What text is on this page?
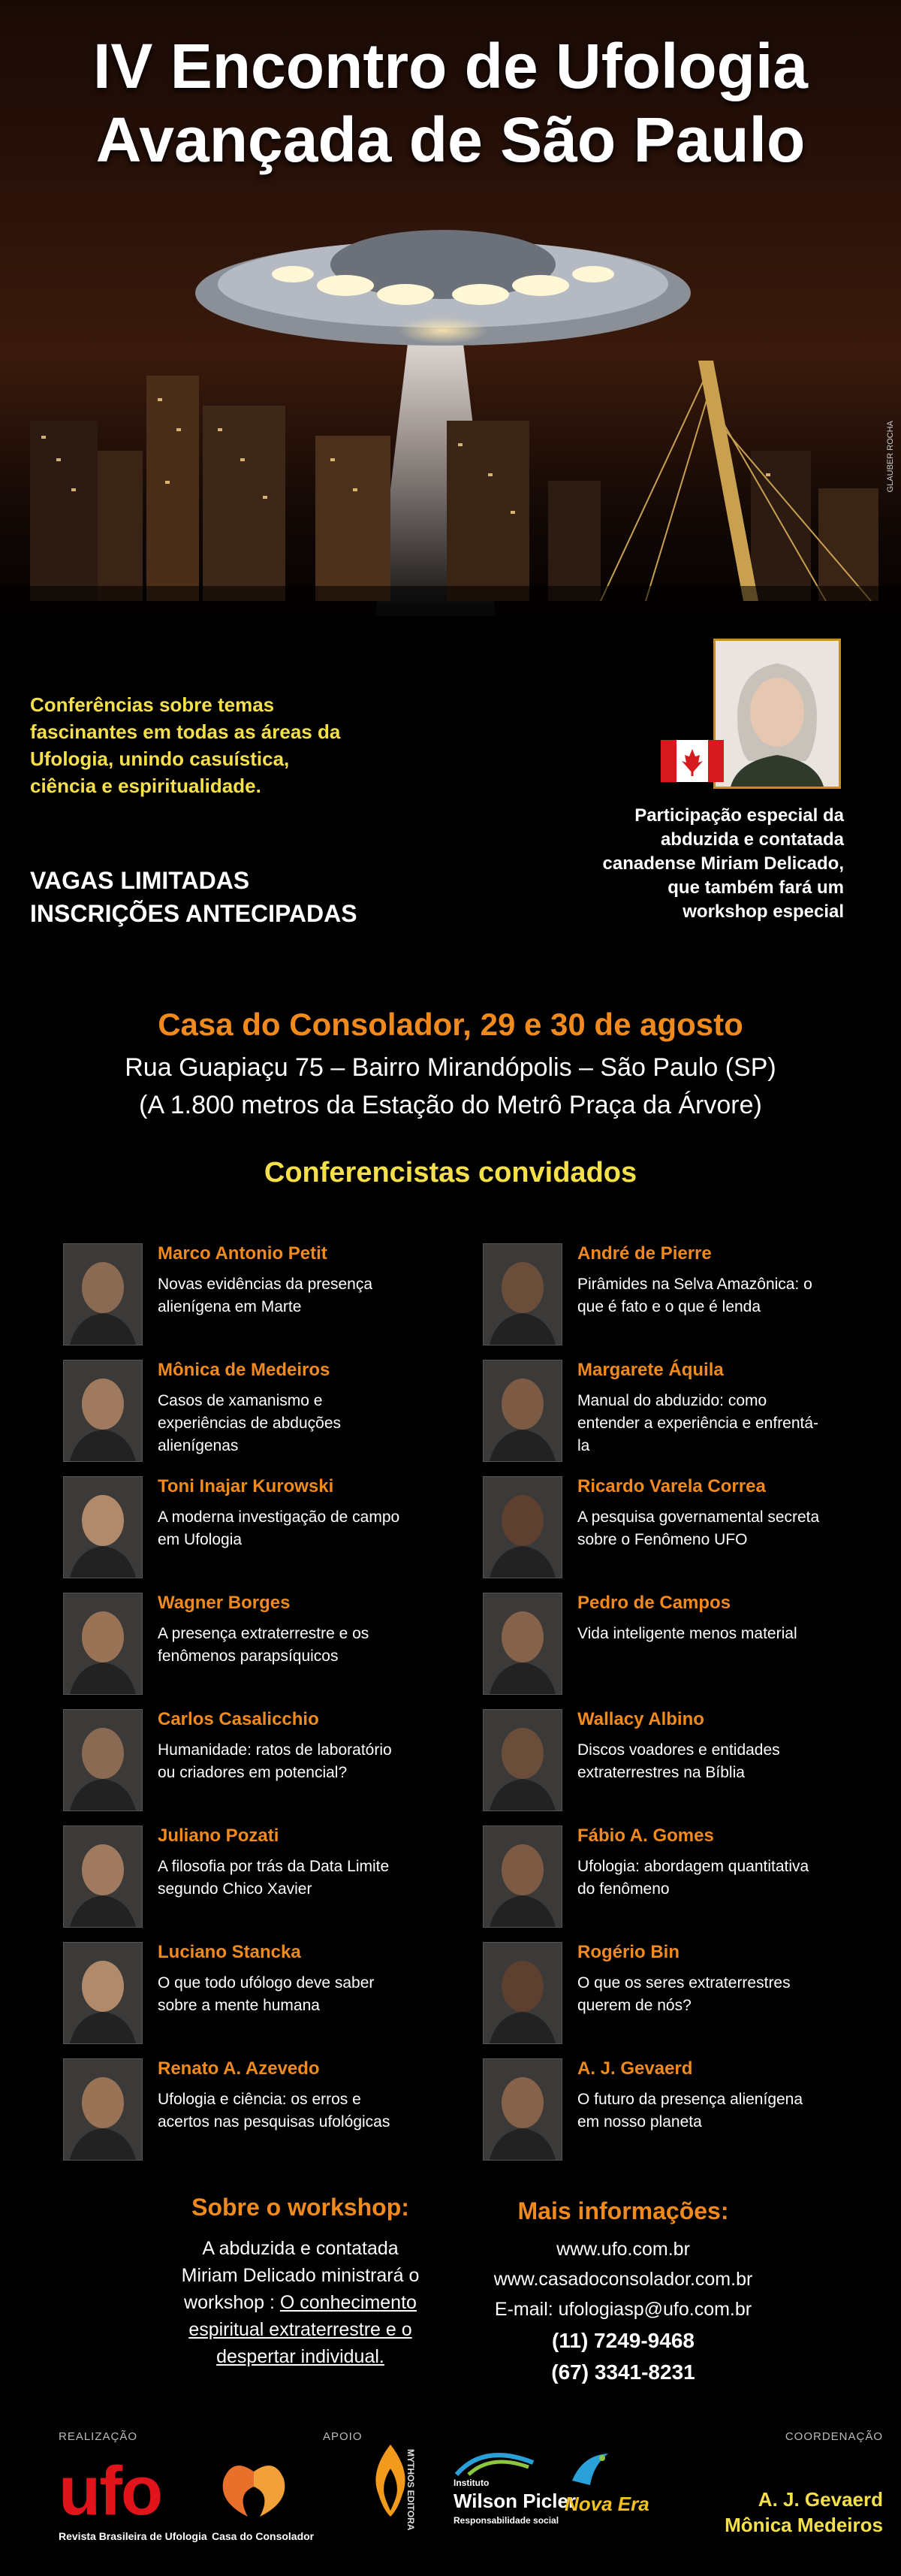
IV Encontro de Ufologia
Avançada de São Paulo
GLAUBER ROCHA
Conferências sobre temas fascinantes em todas as áreas da Ufologia, unindo casuística, ciência e espiritualidade.
VAGAS LIMITADAS
INSCRIÇÕES ANTECIPADAS
Participação especial da
abduzida e contatada
canadense Miriam Delicado,
que também fará um
workshop especial
Casa do Consolador, 29 e 30 de agosto
Rua Guapiaçu 75 – Bairro Mirandópolis – São Paulo (SP)
(A 1.800 metros da Estação do Metrô Praça da Árvore)
Conferencistas convidados
Marco Antonio Petit
Novas evidências da presença alienígena em Marte
André de Pierre
Pirâmides na Selva Amazônica: o que é fato e o que é lenda
Mônica de Medeiros
Casos de xamanismo e experiências de abduções alienígenas
Margarete Áquila
Manual do abduzido: como entender a experiência e enfrentá-la
Toni Inajar Kurowski
A moderna investigação de campo em Ufologia
Ricardo Varela Correa
A pesquisa governamental secreta sobre o Fenômeno UFO
Wagner Borges
A presença extraterrestre e os fenômenos parapsíquicos
Pedro de Campos
Vida inteligente menos material
Carlos Casalicchio
Humanidade: ratos de laboratório ou criadores em potencial?
Wallacy Albino
Discos voadores e entidades extraterrestres na Bíblia
Juliano Pozati
A filosofia por trás da Data Limite segundo Chico Xavier
Fábio A. Gomes
Ufologia: abordagem quantitativa do fenômeno
Luciano Stancka
O que todo ufólogo deve saber sobre a mente humana
Rogério Bin
O que os seres extraterrestres querem de nós?
Renato A. Azevedo
Ufologia e ciência: os erros e acertos nas pesquisas ufológicas
A. J. Gevaerd
O futuro da presença alienígena em nosso planeta
Sobre o workshop:
A abduzida e contatada
Miriam Delicado ministrará o
workshop : O conhecimento
espiritual extraterrestre e o
despertar individual.
Mais informações:
www.ufo.com.br
www.casadoconsolador.com.br
E-mail: ufologiasp@ufo.com.br
(11) 7249-9468
(67) 3341-8231
REALIZAÇÃO	APOIO	COORDENAÇÃO
ufo
Revista Brasileira de Ufologia Casa do Consolador
MYTHOS EDITORA	Instituto
Wilson Picler
Responsabilidade social
Nova Era	A. J. Gevaerd
Mônica Medeiros
